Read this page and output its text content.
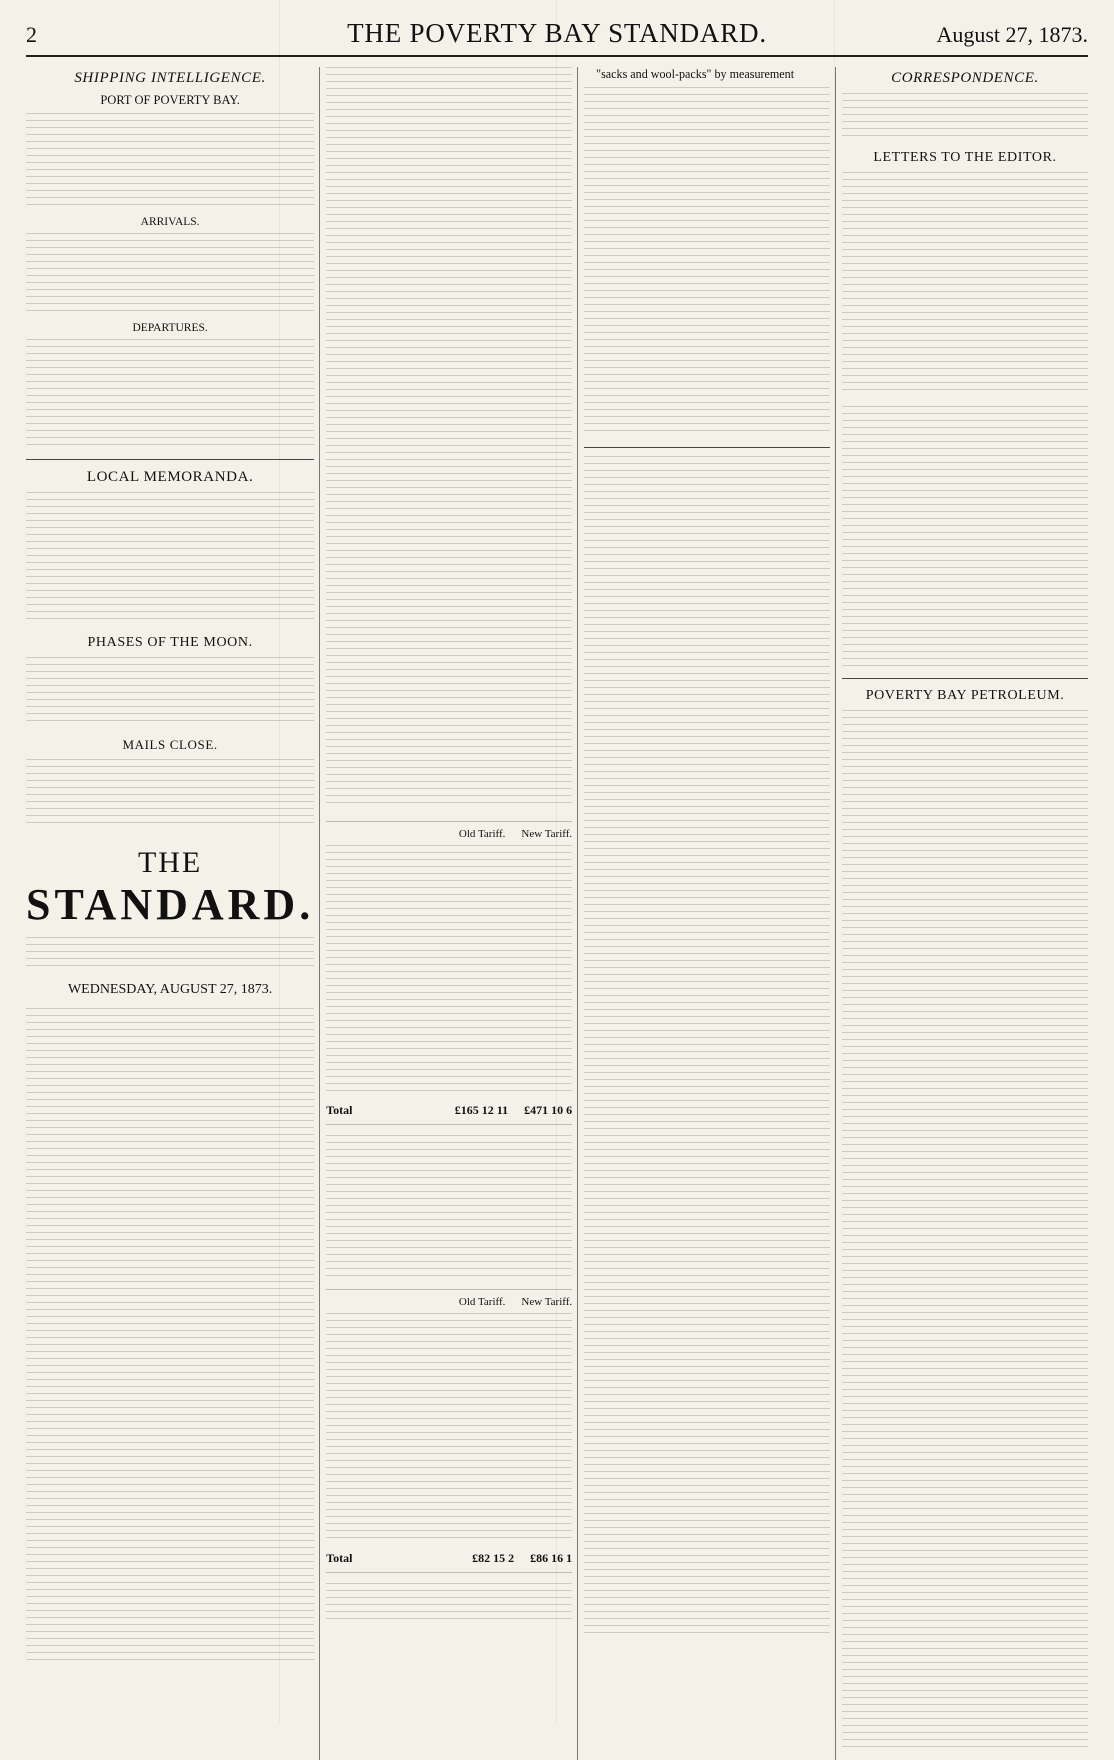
2	THE POVERTY BAY STANDARD.	August 27, 1873.
SHIPPING INTELLIGENCE.
PORT OF POVERTY BAY.
ARRIVALS.
DEPARTURES.
LOCAL MEMORANDA.
PHASES OF THE MOON.
MAILS CLOSE.
THE
STANDARD.
WEDNESDAY, AUGUST 27, 1873.
Old Tariff. New Tariff.
Total	£165 12 11 £471 10 6
Old Tariff. New Tariff.
Total	£82 15 2 £86 16 1
"sacks and wool-packs" by measurement	CORRESPONDENCE.
LETTERS TO THE EDITOR.
POVERTY BAY PETROLEUM.
